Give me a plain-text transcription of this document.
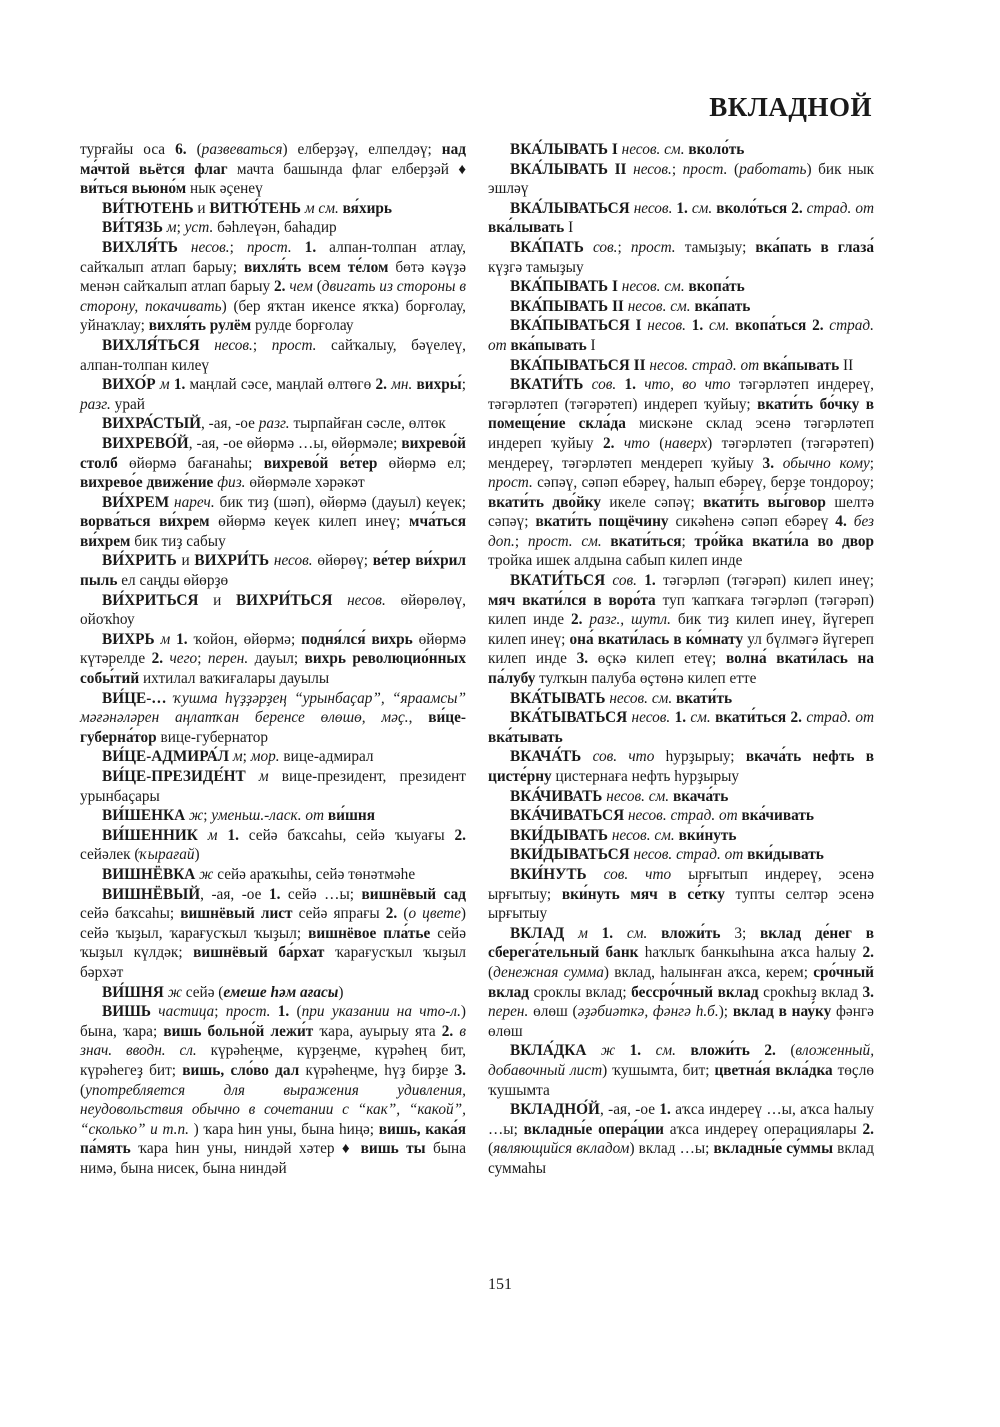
ВКЛАДНОЙ

турғайы оса 6. (развеваться) елберҙәү, елпелдәү; над ма́чтой вьётся флаг мачта башында флаг елберҙәй ♦ ви́ться вьюно́м нык әҫенеү

ВИ́ТЮТЕНЬ и ВИТЮ́ТЕНЬ м см. вя́хирь

ВИ́ТЯЗЬ м; уст. бәһлеүән, баһадир

ВИХЛЯ́ТЬ несов.; прост. 1. алпан-толпан атлау, сайҡалып атлап барыу; вихля́ть всем те́лом бөтә кәүҙә менән сайҡалып атлап барыу 2. чем (двигать из стороны в сторону, покачивать) (бер яҡтан икенсе яҡҡа) борғолау, уйнаҡлау; вихля́ть рулём рулде борғолау

ВИХЛЯ́ТЬСЯ несов.; прост. сайҡалыу, бәүелеү, алпан-толпан килеү

ВИХО́Р м 1. маңлай сәсе, маңлай өлтөгө 2. мн. вихры́; разг. урай

ВИХРА́СТЫЙ, -ая, -ое разг. тырпайған сәсле, өлтөк

ВИХРЕВО́Й, -ая, -ое өйөрмә …ы, өйөрмәле; вихрево́й столб өйөрмә бағанаһы; вихрево́й ве́тер өйөрмә ел; вихрево́е движе́ние физ. өйөрмәле хәрәкәт

ВИ́ХРЕМ нареч. бик тиҙ (шәп), өйөрмә (дауыл) кеүек; ворва́ться ви́хрем өйөрмә кеүек килеп инеү; мча́ться ви́хрем бик тиҙ сабыу

ВИ́ХРИТЬ и ВИХРИ́ТЬ несов. өйөрөү; ве́тер ви́хрил пыль ел саңды өйөрҙө

ВИ́ХРИТЬСЯ и ВИХРИ́ТЬСЯ несов. өйөрөлөү, ойоҡһоу

ВИХРЬ м 1. ҡойон, өйөрмә; подня́лся́ вихрь өйөрмә күтәрелде 2. чего; перен. дауыл; вихрь революцио́нных собы́тий ихтилал ваҡиғалары дауылы

ВИ́ЦЕ-… ҡушма һүҙҙәрҙең “урынбаҫар”, “яраамсы” мәғәнәләрен аңлатҡан беренсе өлөшө, мәҫ., ви́це-губерна́тор вице-губернатор

ВИ́ЦЕ-АДМИРА́Л м; мор. вице-адмирал

ВИ́ЦЕ-ПРЕЗИДЕ́НТ м вице-президент, президент урынбаҫары

ВИ́ШЕНКА ж; уменьш.-ласк. от ви́шня

ВИ́ШЕННИК м 1. сейә баҡсаһы, сейә ҡыуағы 2. сейәлек (ҡырағай)

ВИШНЁВКА ж сейә араҡыһы, сейә төнәтмәһе

ВИШНЁВЫЙ, -ая, -ое 1. сейә …ы; вишнёвый сад сейә баҡсаһы; вишнёвый лист сейә япрағы 2. (о цвете) сейә ҡыҙыл, ҡарағусҡыл ҡыҙыл; вишнёвое пла́тье сейә ҡыҙыл күлдәк; вишнёвый ба́рхат ҡарағусҡыл ҡыҙыл бәрхәт

ВИ́ШНЯ ж сейә (емеше һәм ағасы)

ВИШЬ частица; прост. 1. (при указании на что-л.) бына, ҡара; вишь больно́й лежи́т ҡара, ауырыу ята 2. в знач. вводн. сл. күрәһеңме, күрҙеңме, күрәһең бит, күрәһегеҙ бит; вишь, сло́во дал күрәһеңме, һүҙ бирҙе 3. (употребляется для выражения удивления, неудовольствия обычно в сочетании с “как”, “какой”, “сколько” и т.п. ) ҡара һин уны, бына һиңә; вишь, кака́я па́мять ҡара һин уны, ниндәй хәтер ♦ вишь ты бына нимә, бына нисек, бына ниндәй

ВКА́ЛЫВАТЬ I несов. см. вколо́ть

ВКА́ЛЫВАТЬ II несов.; прост. (работать) бик нык эшләү

ВКА́ЛЫВАТЬСЯ несов. 1. см. вколо́ться 2. страд. от вка́лывать I

ВКА́ПАТЬ сов.; прост. тамыҙыу; вка́пать в глаза́ күҙгә тамыҙыу

ВКА́ПЫВАТЬ I несов. см. вкопа́ть

ВКА́ПЫВАТЬ II несов. см. вка́пать

ВКА́ПЫВАТЬСЯ I несов. 1. см. вкопа́ться 2. страд. от вка́пывать I

ВКА́ПЫВАТЬСЯ II несов. страд. от вка́пывать II

ВКАТИ́ТЬ сов. 1. что, во что тәгәрләтеп индереү, тәгәрләтеп (тәгәрәтеп) индереп ҡуйыу; вкати́ть бо́чку в помеще́ние скла́да мискәне склад эсенә тәгәрләтеп индереп ҡуйыу 2. что (наверх) тәгәрләтеп (тәгәрәтеп) мендереү, тәгәрләтеп мендереп ҡуйыу 3. обычно кому; прост. сәпәү, сәпәп ебәреү, һалып ебәреү, берҙе тондороу; вкати́ть дво́йку икеле сәпәү; вкати́ть вы́говор шелтә сәпәү; вкати́ть пощёчину сикәһенә сәпәп ебәреү 4. без доп.; прост. см. вкати́ться; тро́йка вкати́ла во двор тройка ишек алдына сабып килеп инде

ВКАТИ́ТЬСЯ сов. 1. тәгәрләп (тәгәрәп) килеп инеү; мяч вкати́лся в воро́та туп ҡапҡаға тәгәрләп (тәгәрәп) килеп инде 2. разг., шутл. бик тиҙ килеп инеү, йүгереп килеп инеү; она́ вкати́лась в ко́мнату ул бүлмәгә йүгереп килеп инде 3. өҫкә килеп етеү; волна́ вкати́лась на па́лубу тулҡын палуба өҫтөнә килеп етте

ВКА́ТЫВАТЬ несов. см. вкати́ть

ВКА́ТЫВАТЬСЯ несов. 1. см. вкати́ться 2. страд. от вка́тывать

ВКАЧА́ТЬ сов. что һурҙырыу; вкача́ть нефть в цисте́рну цистернаға нефть һурҙырыу

ВКА́ЧИВАТЬ несов. см. вкача́ть

ВКА́ЧИВАТЬСЯ несов. страд. от вка́чивать

ВКИ́ДЫВАТЬ несов. см. вки́нуть

ВКИ́ДЫВАТЬСЯ несов. страд. от вки́дывать

ВКИ́НУТЬ сов. что ырғытып индереү, эсенә ырғытыу; вки́нуть мяч в се́тку тупты селтәр эсенә ырғытыу

ВКЛАД м 1. см. вложи́ть 3; вклад де́нег в сберега́тельный банк һаҡлыҡ банкыһына аҡса һалыу 2. (денежная сумма) вклад, һалынған аҡса, керем; сро́чный вклад сроклы вклад; бессро́чный вклад срокһыҙ вклад 3. перен. өлөш (әҙәбиәткә, фәнгә һ.б.); вклад в нау́ку фәнгә өлөш

ВКЛА́ДКА ж 1. см. вложи́ть 2. (вложенный, добавочный лист) ҡушымта, бит; цветна́я вкла́дка төҫлө ҡушымта

ВКЛАДНО́Й, -ая, -ое 1. аҡса индереү …ы, аҡса һалыу …ы; вкладны́е опера́ции аҡса индереү операциялары 2. (являющийся вкладом) вклад …ы; вкладны́е су́ммы вклад суммаһы

151
